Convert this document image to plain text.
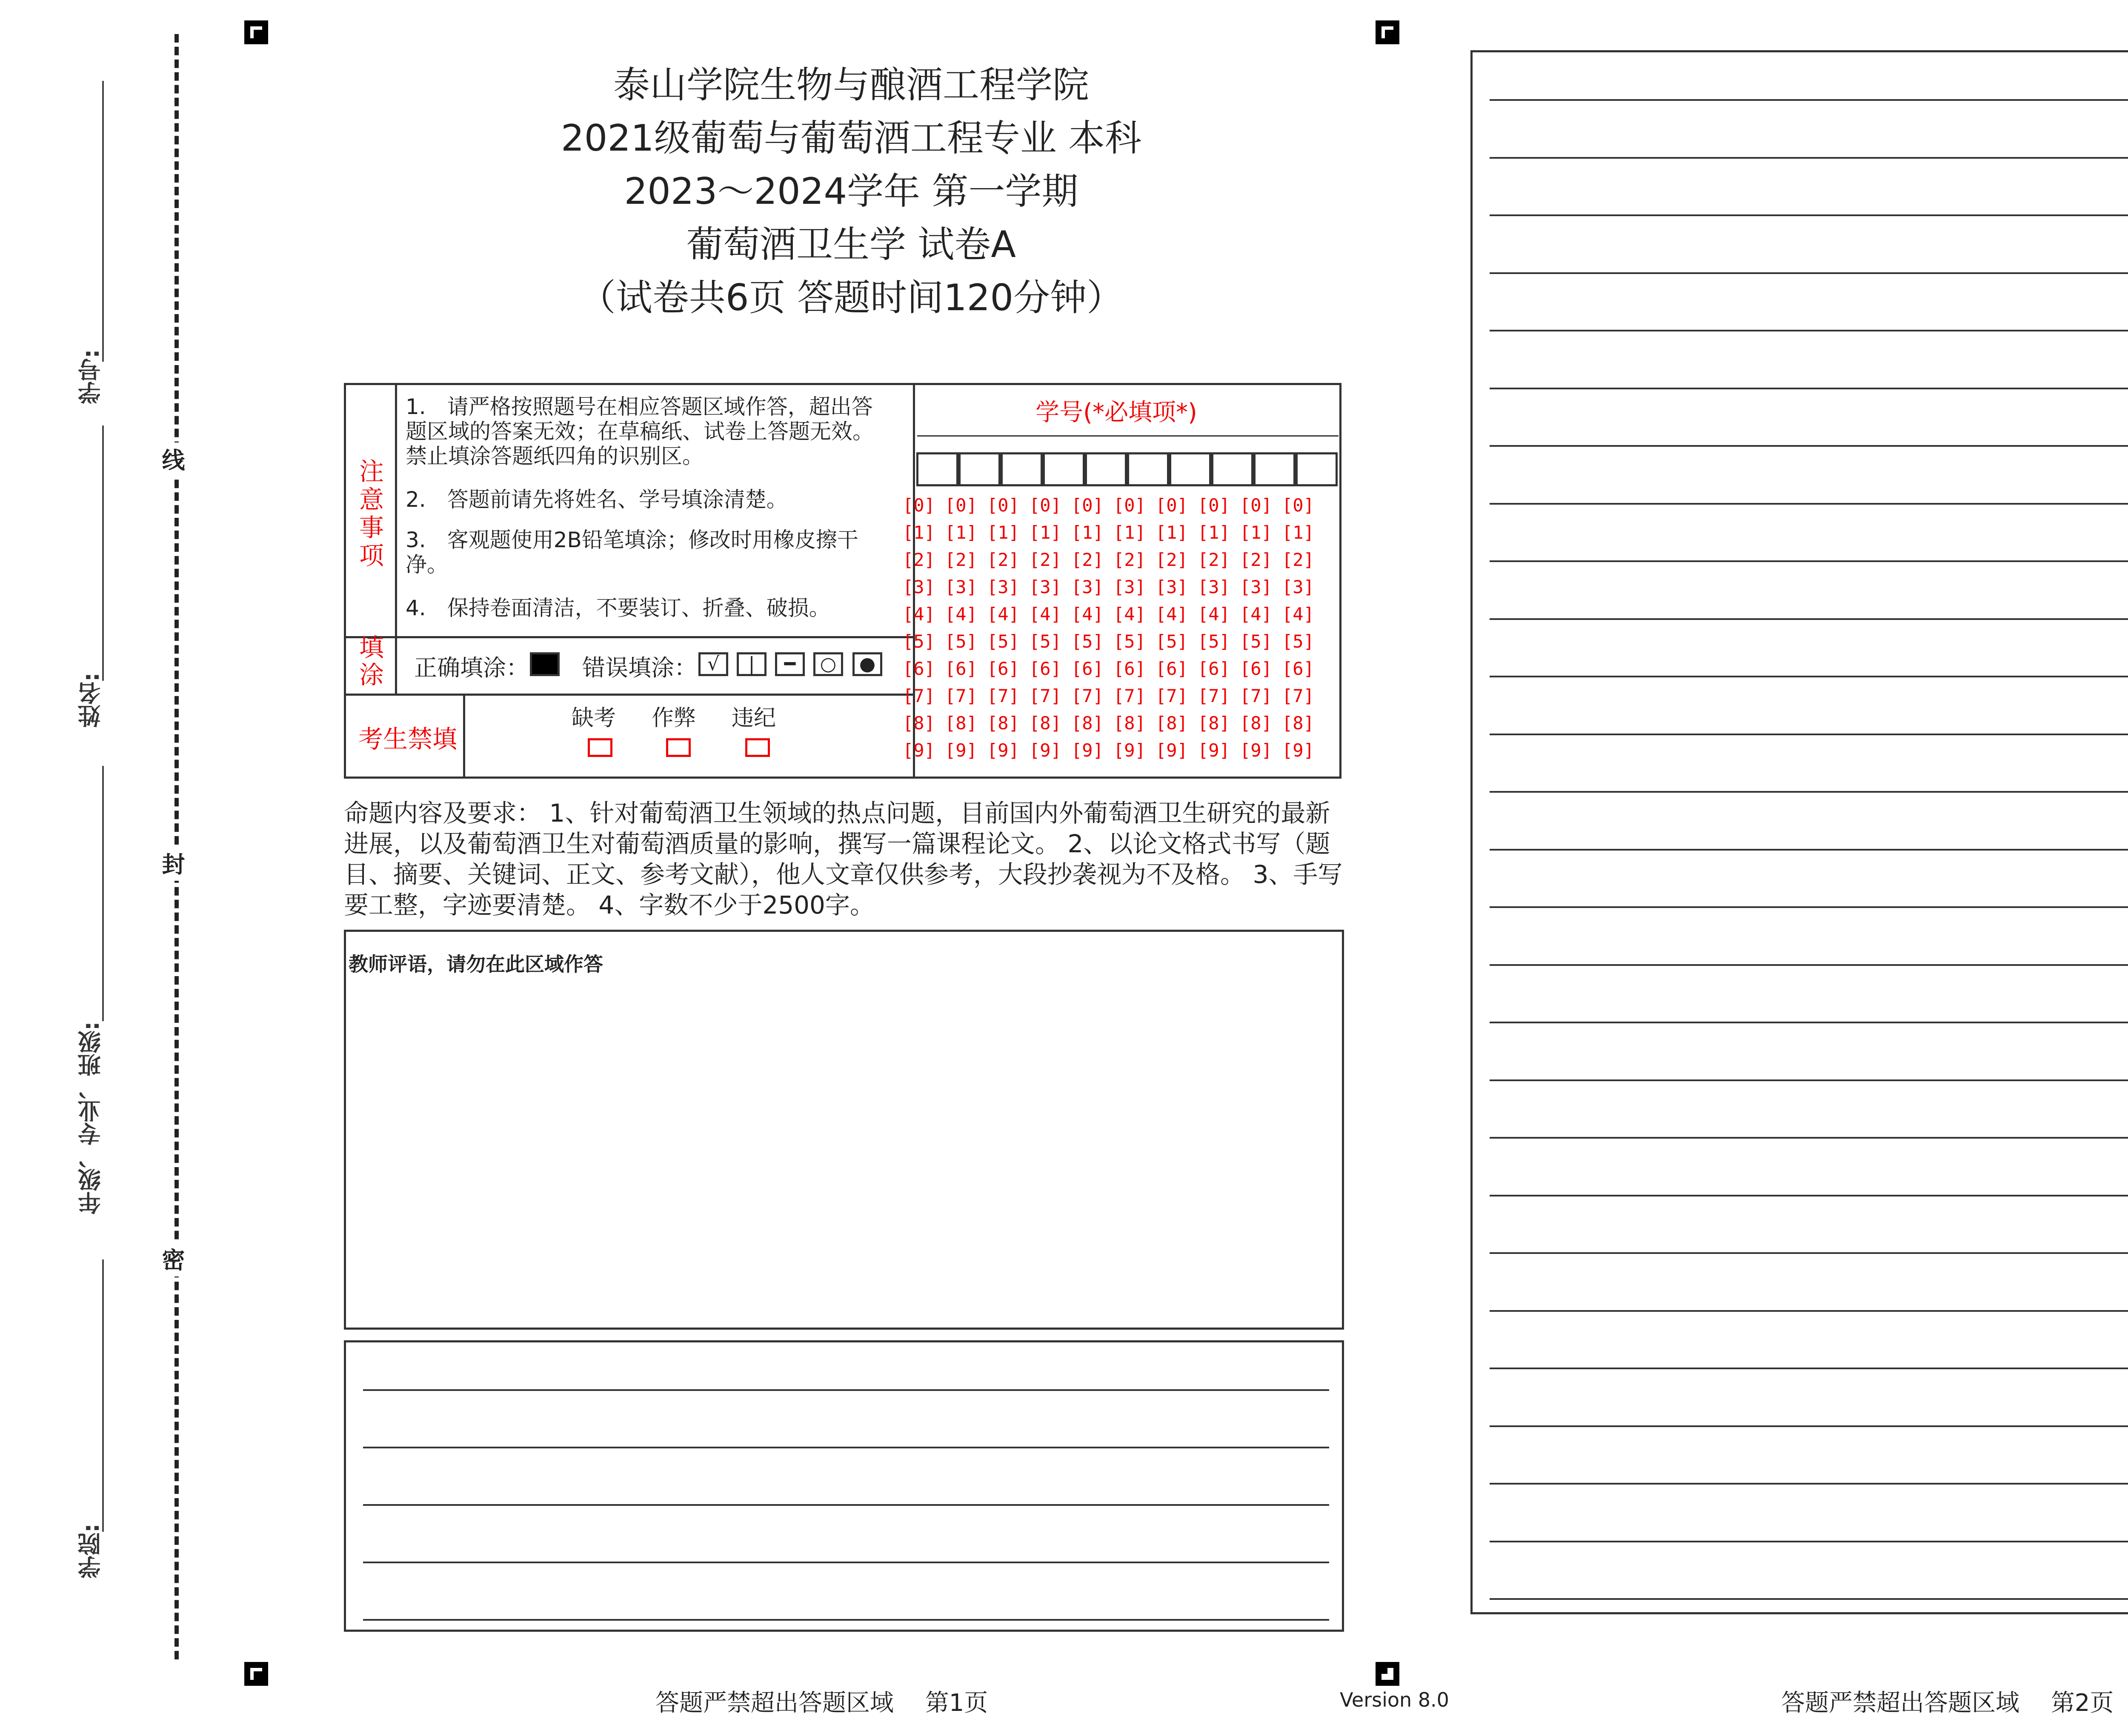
学号:
姓名:
年级、专业、班级:
学院:
线
封
密
泰山学院生物与酿酒工程学院
2021级葡萄与葡萄酒工程专业 本科
2023～2024学年 第一学期
葡萄酒卫生学 试卷A
（试卷共6页 答题时间120分钟）
注意事项
1.　请严格按照题号在相应答题区域作答，超出答题区域的答案无效；在草稿纸、试卷上答题无效。禁止填涂答题纸四角的识别区。
2.　答题前请先将姓名、学号填涂清楚。
3.　客观题使用2B铅笔填涂；修改时用橡皮擦干净。
4.　保持卷面清洁，不要装订、折叠、破损。
填涂 正确填涂： 错误填涂： √	|	━	○	●
考生禁填
缺考 作弊 违纪
学号(*必填项*)
[0] [0] [0] [0] [0] [0] [0] [0] [0] [0]
[1] [1] [1] [1] [1] [1] [1] [1] [1] [1]
[2] [2] [2] [2] [2] [2] [2] [2] [2] [2]
[3] [3] [3] [3] [3] [3] [3] [3] [3] [3]
[4] [4] [4] [4] [4] [4] [4] [4] [4] [4]
[5] [5] [5] [5] [5] [5] [5] [5] [5] [5]
[6] [6] [6] [6] [6] [6] [6] [6] [6] [6]
[7] [7] [7] [7] [7] [7] [7] [7] [7] [7]
[8] [8] [8] [8] [8] [8] [8] [8] [8] [8]
[9] [9] [9] [9] [9] [9] [9] [9] [9] [9]
命题内容及要求： 1、针对葡萄酒卫生领域的热点问题，目前国内外葡萄酒卫生研究的最新进展，以及葡萄酒卫生对葡萄酒质量的影响，撰写一篇课程论文。 2、以论文格式书写（题目、摘要、关键词、正文、参考文献），他人文章仅供参考，大段抄袭视为不及格。 3、手写要工整，字迹要清楚。 4、字数不少于2500字。
教师评语，请勿在此区域作答
答题严禁超出答题区域　 第1页	Version 8.0	答题严禁超出答题区域　 第2页
